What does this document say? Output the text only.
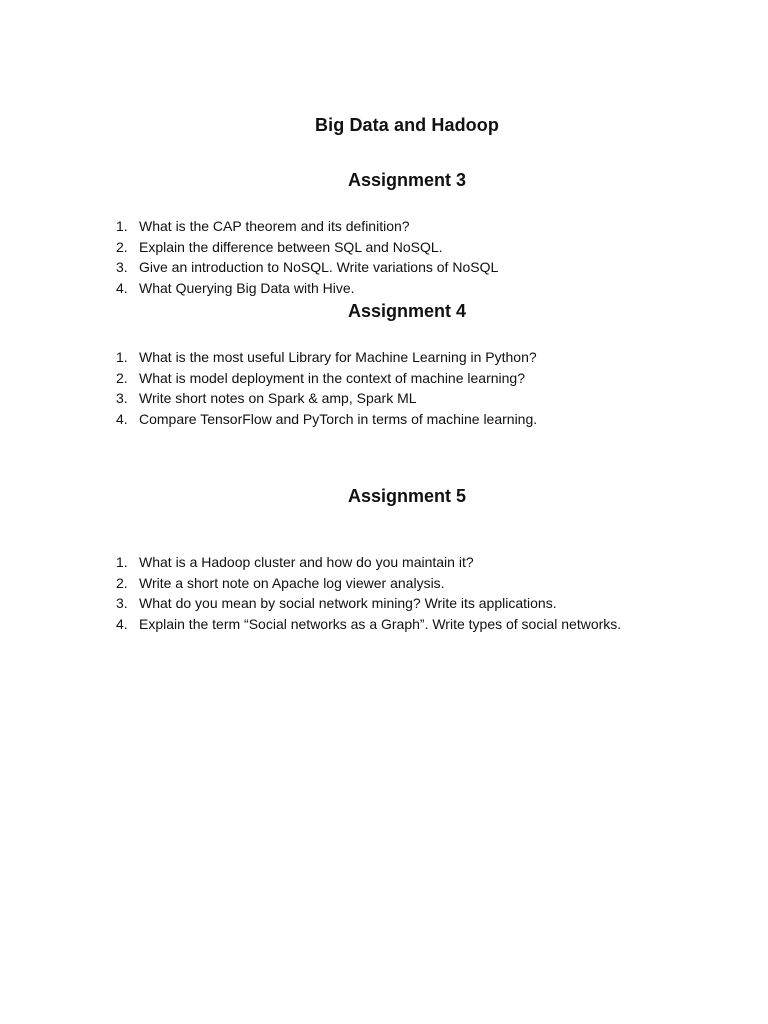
Big Data and Hadoop
Assignment 3
1. What is the CAP theorem and its definition?
2. Explain the difference between SQL and NoSQL.
3. Give an introduction to NoSQL. Write variations of NoSQL
4. What Querying Big Data with Hive.
Assignment 4
1. What is the most useful Library for Machine Learning in Python?
2. What is model deployment in the context of machine learning?
3. Write short notes on Spark & amp, Spark ML
4. Compare TensorFlow and PyTorch in terms of machine learning.
Assignment 5
1. What is a Hadoop cluster and how do you maintain it?
2. Write a short note on Apache log viewer analysis.
3. What do you mean by social network mining? Write its applications.
4. Explain the term “Social networks as a Graph”. Write types of social networks.
